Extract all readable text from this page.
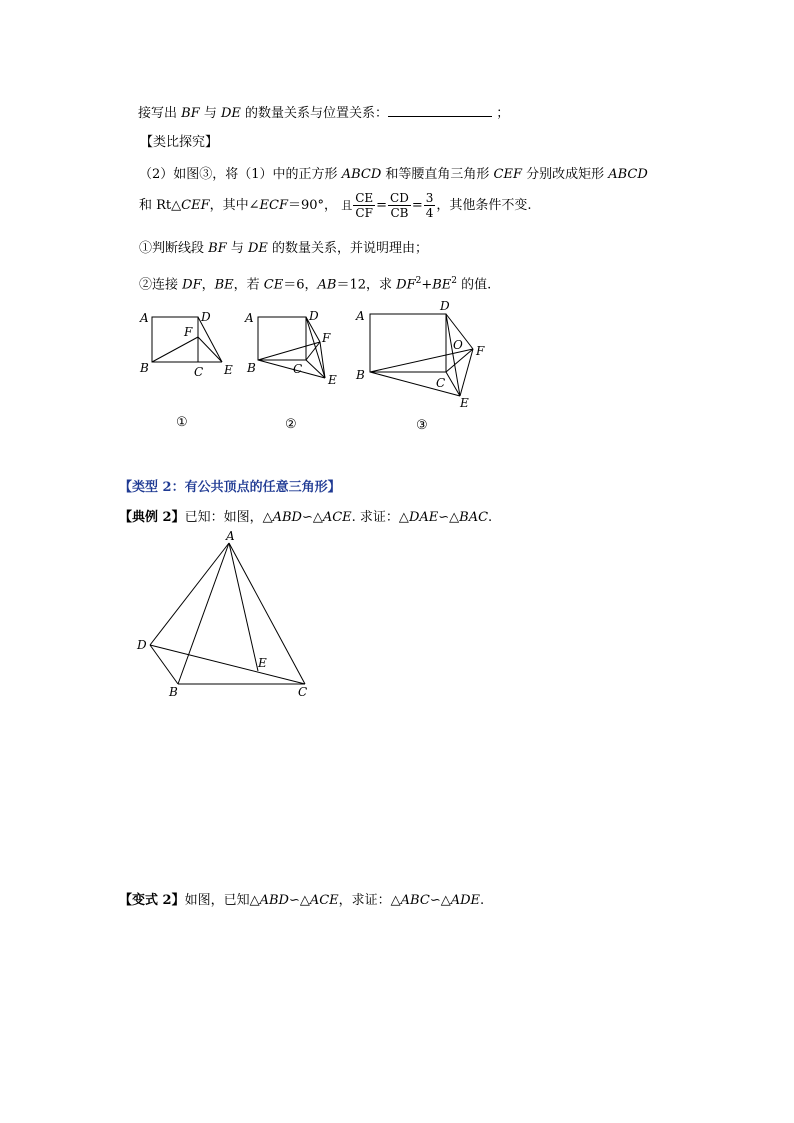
接写出 BF 与 DE 的数量关系与位置关系：	；
【类比探究】
（2）如图③，将（1）中的正方形 ABCD 和等腰直角三角形 CEF 分别改成矩形 ABCD
和 Rt△CEF，其中∠ECF＝90°， 且 $\frac{CE}{CF} = \frac{CD}{CB} = \frac{3}{4}$ ，其他条件不变.
①判断线段 BF 与 DE 的数量关系，并说明理由；
②连接 DF，BE，若 CE＝6，AB＝12，求 $DF^2+BE^2$ 的值.
A	D
F
B	C E
①
A	D
F
B	C
E
②
A
D
O F
B
C
E
③
【类型 2：有公共顶点的任意三角形】
【典例 2】已知：如图，△ABD∽△ACE. 求证：△DAE∽△BAC.
A
D
E
B	C
【变式 2】如图，已知△ABD∽△ACE，求证：△ABC∽△ADE.
